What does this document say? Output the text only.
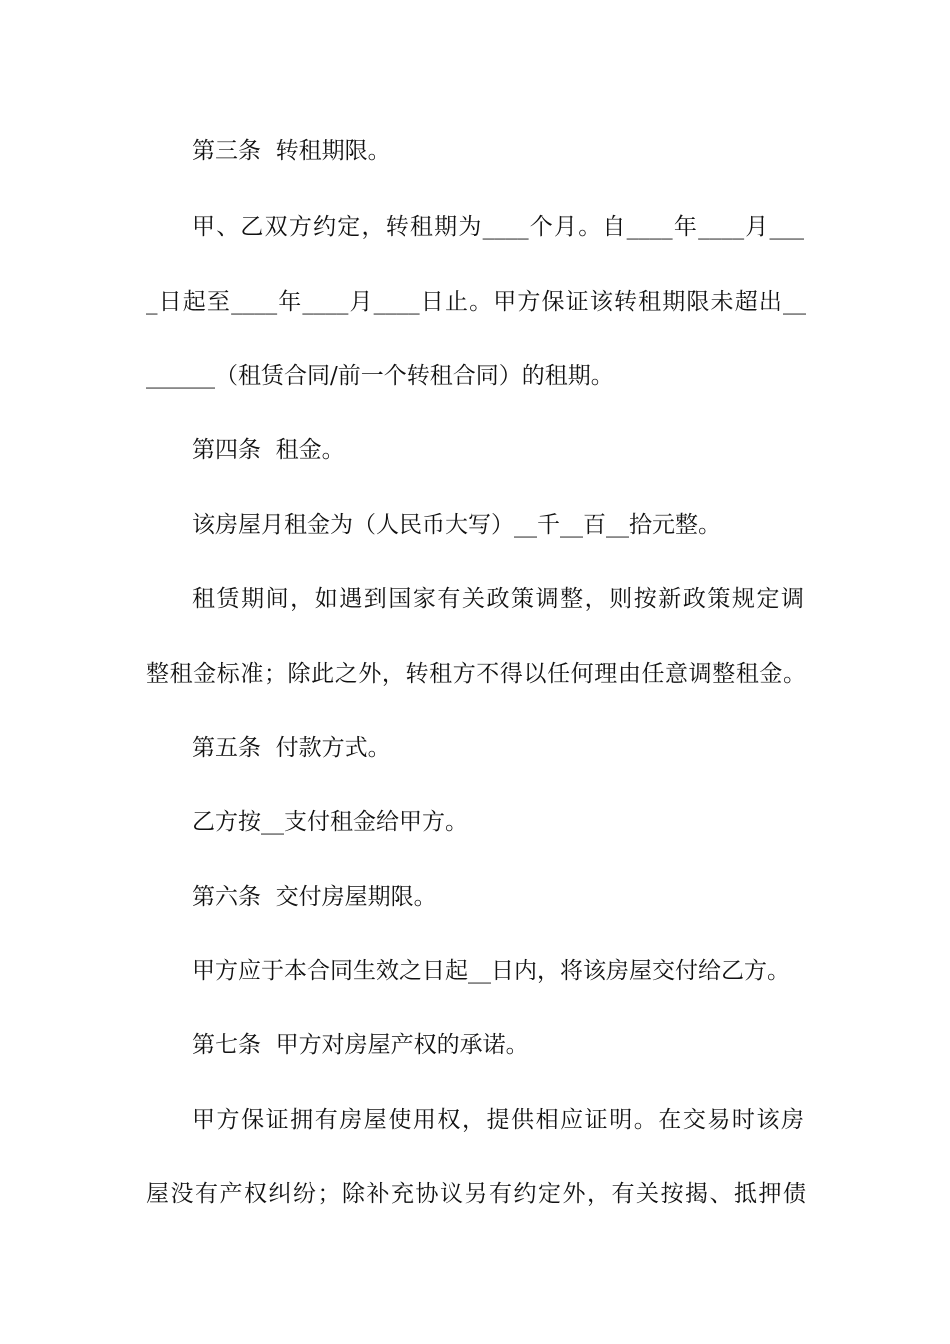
第三条  转租期限。
甲、乙双方约定，转租期为____个月。自____年____月___
_日起至____年____月____日止。甲方保证该转租期限未超出__
______（租赁合同/前一个转租合同）的租期。
第四条  租金。
该房屋月租金为（人民币大写）__千__百__拾元整。
租赁期间，如遇到国家有关政策调整，则按新政策规定调
整租金标准；除此之外，转租方不得以任何理由任意调整租金。
第五条  付款方式。
乙方按__支付租金给甲方。
第六条  交付房屋期限。
甲方应于本合同生效之日起__日内，将该房屋交付给乙方。
第七条  甲方对房屋产权的承诺。
甲方保证拥有房屋使用权，提供相应证明。在交易时该房
屋没有产权纠纷；除补充协议另有约定外，有关按揭、抵押债
